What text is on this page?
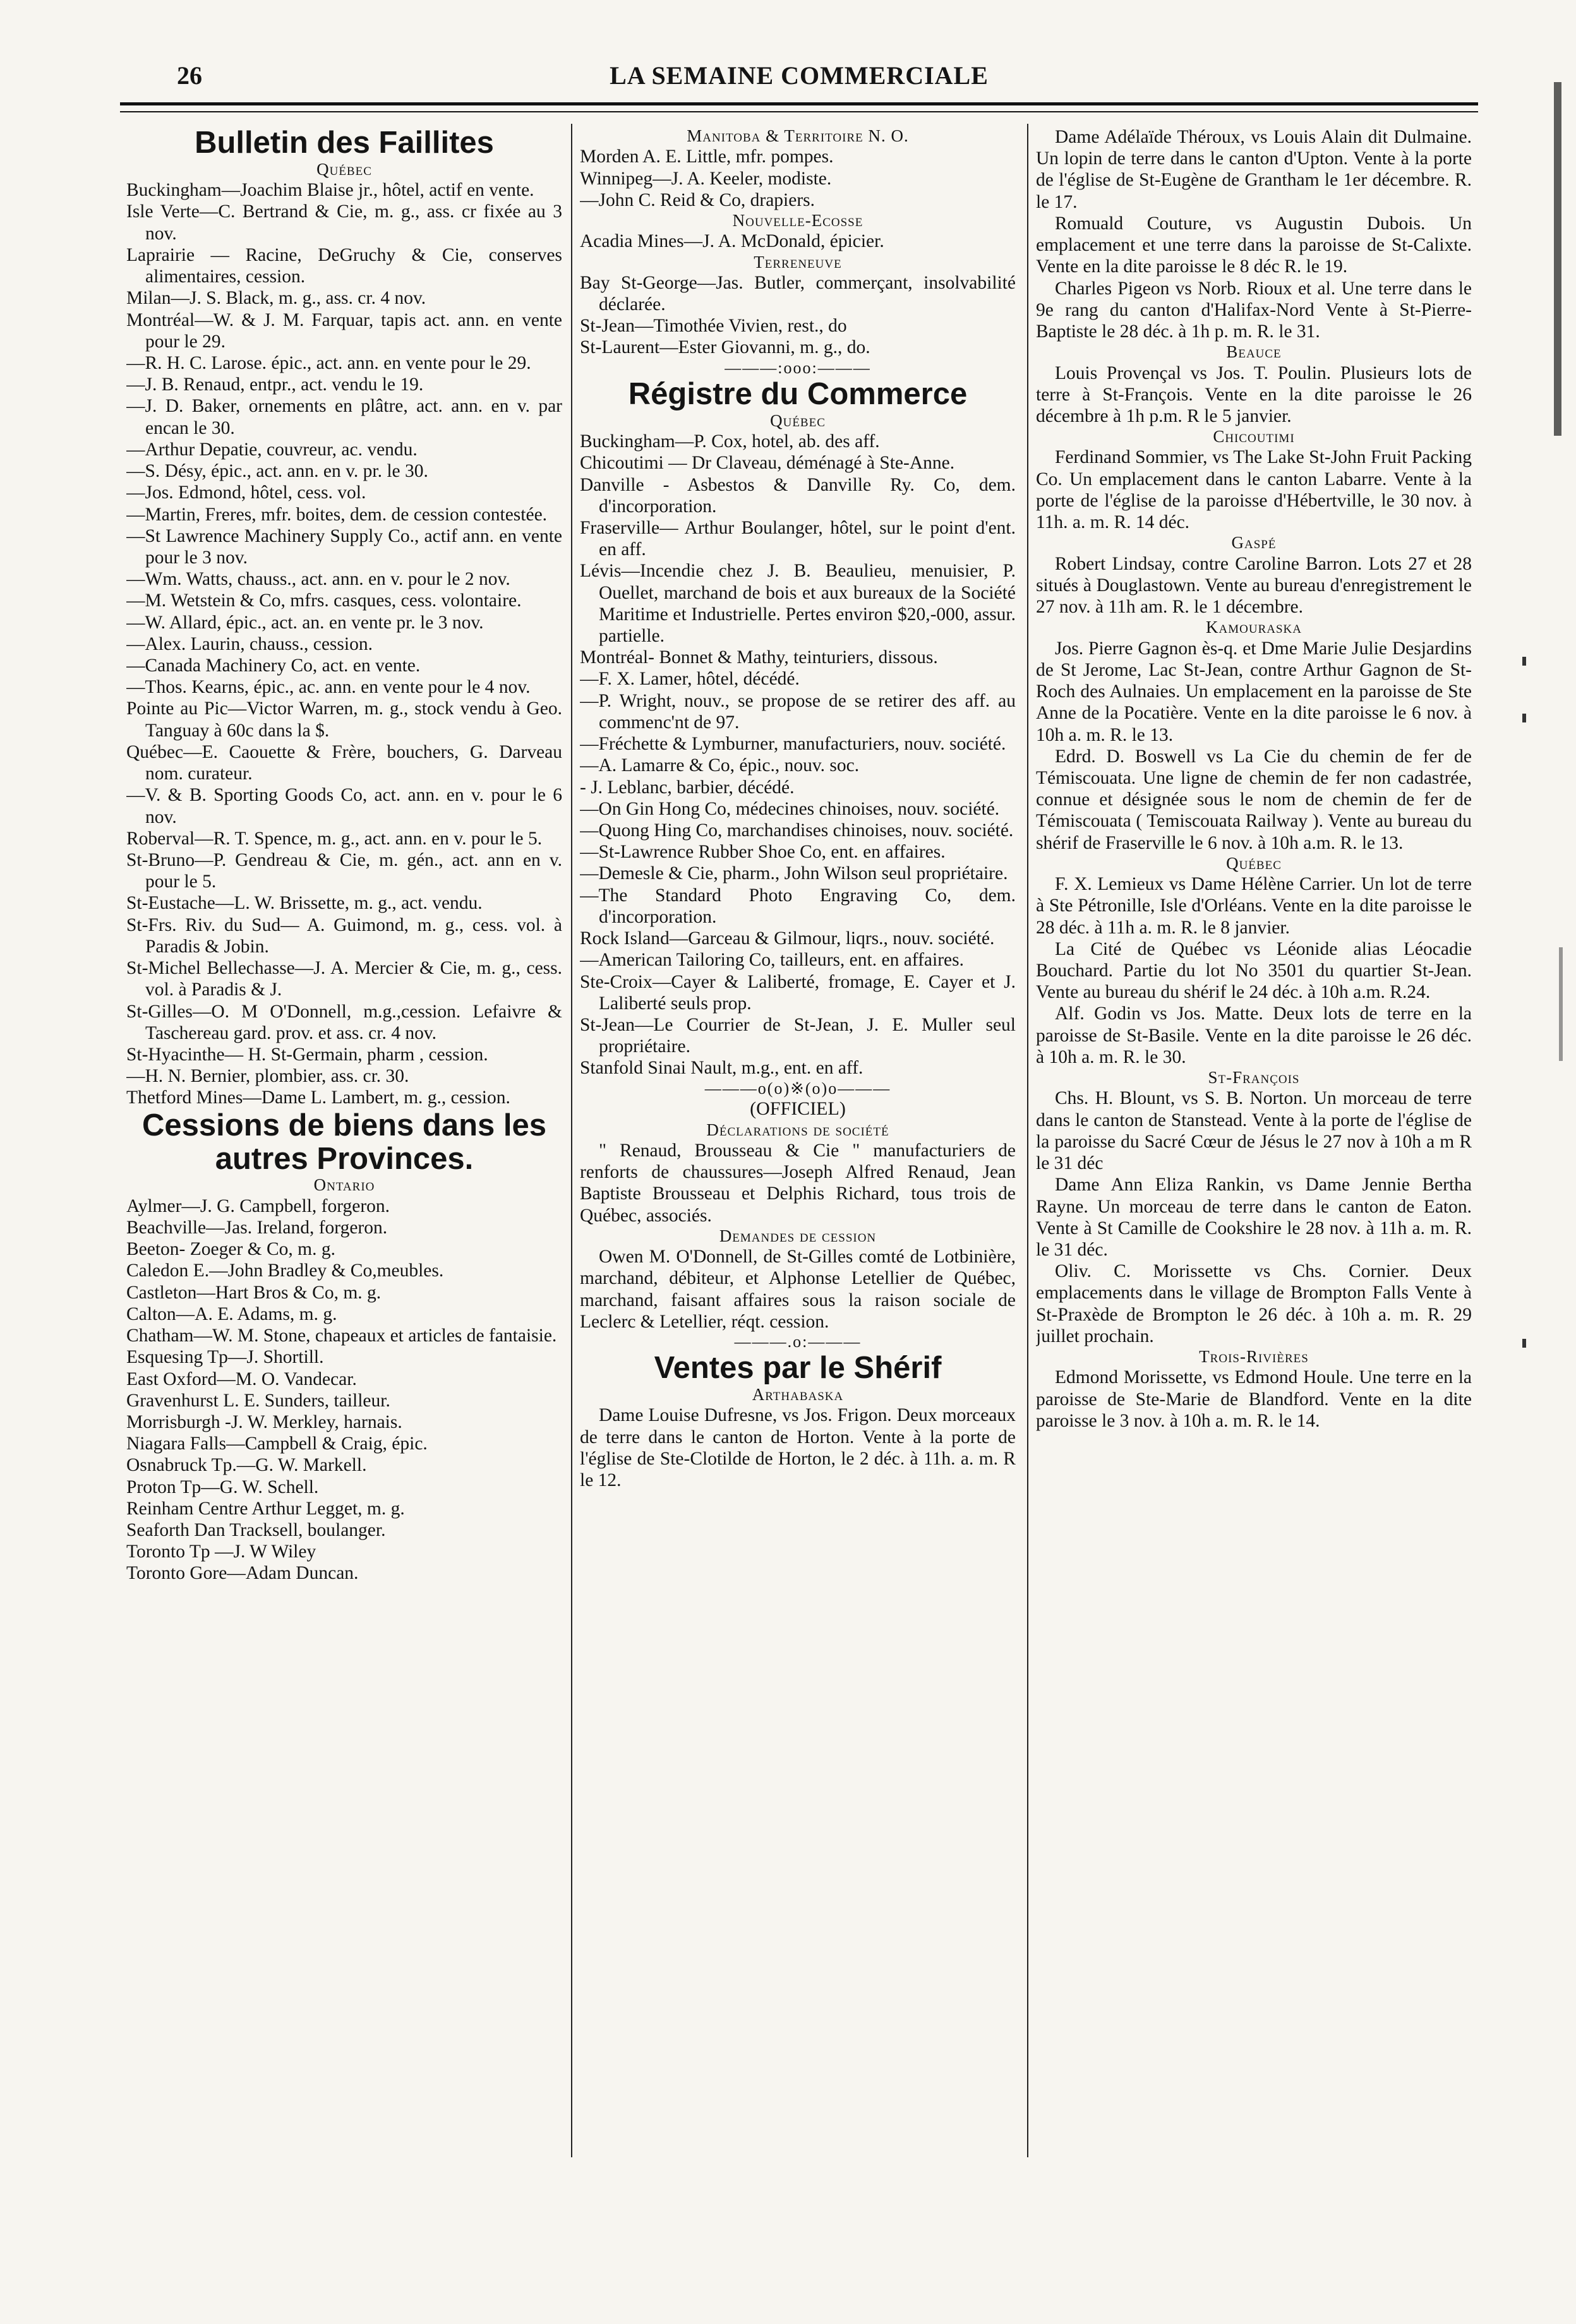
26	LA SEMAINE COMMERCIALE

Bulletin des Faillites

Québec

Buckingham—Joachim Blaise jr., hôtel, actif en vente.

Isle Verte—C. Bertrand & Cie, m. g., ass. cr fixée au 3 nov.

Laprairie — Racine, DeGruchy & Cie, conserves alimentaires, cession.

Milan—J. S. Black, m. g., ass. cr. 4 nov.

Montréal—W. & J. M. Farquar, tapis act. ann. en vente pour le 29.

—R. H. C. Larose. épic., act. ann. en vente pour le 29.

—J. B. Renaud, entpr., act. vendu le 19.

—J. D. Baker, ornements en plâtre, act. ann. en v. par encan le 30.

—Arthur Depatie, couvreur, ac. vendu.

—S. Désy, épic., act. ann. en v. pr. le 30.

—Jos. Edmond, hôtel, cess. vol.

—Martin, Freres, mfr. boites, dem. de cession contestée.

—St Lawrence Machinery Supply Co., actif ann. en vente pour le 3 nov.

—Wm. Watts, chauss., act. ann. en v. pour le 2 nov.

—M. Wetstein & Co, mfrs. casques, cess. volontaire.

—W. Allard, épic., act. an. en vente pr. le 3 nov.

—Alex. Laurin, chauss., cession.

—Canada Machinery Co, act. en vente.

—Thos. Kearns, épic., ac. ann. en vente pour le 4 nov.

Pointe au Pic—Victor Warren, m. g., stock vendu à Geo. Tanguay à 60c dans la $.

Québec—E. Caouette & Frère, bouchers, G. Darveau nom. curateur.

—V. & B. Sporting Goods Co, act. ann. en v. pour le 6 nov.

Roberval—R. T. Spence, m. g., act. ann. en v. pour le 5.

St-Bruno—P. Gendreau & Cie, m. gén., act. ann en v. pour le 5.

St-Eustache—L. W. Brissette, m. g., act. vendu.

St-Frs. Riv. du Sud— A. Guimond, m. g., cess. vol. à Paradis & Jobin.

St-Michel Bellechasse—J. A. Mercier & Cie, m. g., cess. vol. à Paradis & J.

St-Gilles—O. M O'Donnell, m.g.,cession. Lefaivre & Taschereau gard. prov. et ass. cr. 4 nov.

St-Hyacinthe— H. St-Germain, pharm , cession.

—H. N. Bernier, plombier, ass. cr. 30.

Thetford Mines—Dame L. Lambert, m. g., cession.

Cessions de biens dans les autres Provinces.

Ontario

Aylmer—J. G. Campbell, forgeron.

Beachville—Jas. Ireland, forgeron.

Beeton- Zoeger & Co, m. g.

Caledon E.—John Bradley & Co,meubles.

Castleton—Hart Bros & Co, m. g.

Calton—A. E. Adams, m. g.

Chatham—W. M. Stone, chapeaux et articles de fantaisie.

Esquesing Tp—J. Shortill.

East Oxford—M. O. Vandecar.

Gravenhurst L. E. Sunders, tailleur.

Morrisburgh -J. W. Merkley, harnais.

Niagara Falls—Campbell & Craig, épic.

Osnabruck Tp.—G. W. Markell.

Proton Tp—G. W. Schell.

Reinham Centre Arthur Legget, m. g.

Seaforth Dan Tracksell, boulanger.

Toronto Tp —J. W Wiley

Toronto Gore—Adam Duncan.

Manitoba & Territoire N. O.

Morden A. E. Little, mfr. pompes.

Winnipeg—J. A. Keeler, modiste.

—John C. Reid & Co, drapiers.

Nouvelle-Ecosse

Acadia Mines—J. A. McDonald, épicier.

Terreneuve

Bay St-George—Jas. Butler, commerçant, insolvabilité déclarée.

St-Jean—Timothée Vivien, rest., do

St-Laurent—Ester Giovanni, m. g., do.

———:ooo:———

Régistre du Commerce

Québec

Buckingham—P. Cox, hotel, ab. des aff.

Chicoutimi — Dr Claveau, déménagé à Ste-Anne.

Danville - Asbestos & Danville Ry. Co, dem. d'incorporation.

Fraserville— Arthur Boulanger, hôtel, sur le point d'ent. en aff.

Lévis—Incendie chez J. B. Beaulieu, menuisier, P. Ouellet, marchand de bois et aux bureaux de la Société Maritime et Industrielle. Pertes environ $20,-000, assur. partielle.

Montréal- Bonnet & Mathy, teinturiers, dissous.

—F. X. Lamer, hôtel, décédé.

—P. Wright, nouv., se propose de se retirer des aff. au commenc'nt de 97.

—Fréchette & Lymburner, manufacturiers, nouv. société.

—A. Lamarre & Co, épic., nouv. soc.

- J. Leblanc, barbier, décédé.

—On Gin Hong Co, médecines chinoises, nouv. société.

—Quong Hing Co, marchandises chinoises, nouv. société.

—St-Lawrence Rubber Shoe Co, ent. en affaires.

—Demesle & Cie, pharm., John Wilson seul propriétaire.

—The Standard Photo Engraving Co, dem. d'incorporation.

Rock Island—Garceau & Gilmour, liqrs., nouv. société.

—American Tailoring Co, tailleurs, ent. en affaires.

Ste-Croix—Cayer & Laliberté, fromage, E. Cayer et J. Laliberté seuls prop.

St-Jean—Le Courrier de St-Jean, J. E. Muller seul propriétaire.

Stanfold Sinai Nault, m.g., ent. en aff.

———o(o)※(o)o———

(OFFICIEL)

Déclarations de société

" Renaud, Brousseau & Cie " manufacturiers de renforts de chaussures—Joseph Alfred Renaud, Jean Baptiste Brousseau et Delphis Richard, tous trois de Québec, associés.

Demandes de cession

Owen M. O'Donnell, de St-Gilles comté de Lotbinière, marchand, débiteur, et Alphonse Letellier de Québec, marchand, faisant affaires sous la raison sociale de Leclerc & Letellier, réqt. cession.

———.o:———

Ventes par le Shérif

Arthabaska

Dame Louise Dufresne, vs Jos. Frigon. Deux morceaux de terre dans le canton de Horton. Vente à la porte de l'église de Ste-Clotilde de Horton, le 2 déc. à 11h. a. m. R le 12.

Dame Adélaïde Théroux, vs Louis Alain dit Dulmaine. Un lopin de terre dans le canton d'Upton. Vente à la porte de l'église de St-Eugène de Grantham le 1er décembre. R. le 17.

Romuald Couture, vs Augustin Dubois. Un emplacement et une terre dans la paroisse de St-Calixte. Vente en la dite paroisse le 8 déc R. le 19.

Charles Pigeon vs Norb. Rioux et al. Une terre dans le 9e rang du canton d'Halifax-Nord Vente à St-Pierre-Baptiste le 28 déc. à 1h p. m. R. le 31.

Beauce

Louis Provençal vs Jos. T. Poulin. Plusieurs lots de terre à St-François. Vente en la dite paroisse le 26 décembre à 1h p.m. R le 5 janvier.

Chicoutimi

Ferdinand Sommier, vs The Lake St-John Fruit Packing Co. Un emplacement dans le canton Labarre. Vente à la porte de l'église de la paroisse d'Hébertville, le 30 nov. à 11h. a. m. R. 14 déc.

Gaspé

Robert Lindsay, contre Caroline Barron. Lots 27 et 28 situés à Douglastown. Vente au bureau d'enregistrement le 27 nov. à 11h am. R. le 1 décembre.

Kamouraska

Jos. Pierre Gagnon ès-q. et Dme Marie Julie Desjardins de St Jerome, Lac St-Jean, contre Arthur Gagnon de St-Roch des Aulnaies. Un emplacement en la paroisse de Ste Anne de la Pocatière. Vente en la dite paroisse le 6 nov. à 10h a. m. R. le 13.

Edrd. D. Boswell vs La Cie du chemin de fer de Témiscouata. Une ligne de chemin de fer non cadastrée, connue et désignée sous le nom de chemin de fer de Témiscouata ( Temiscouata Railway ). Vente au bureau du shérif de Fraserville le 6 nov. à 10h a.m. R. le 13.

Québec

F. X. Lemieux vs Dame Hélène Carrier. Un lot de terre à Ste Pétronille, Isle d'Orléans. Vente en la dite paroisse le 28 déc. à 11h a. m. R. le 8 janvier.

La Cité de Québec vs Léonide alias Léocadie Bouchard. Partie du lot No 3501 du quartier St-Jean. Vente au bureau du shérif le 24 déc. à 10h a.m. R.24.

Alf. Godin vs Jos. Matte. Deux lots de terre en la paroisse de St-Basile. Vente en la dite paroisse le 26 déc. à 10h a. m. R. le 30.

St-François

Chs. H. Blount, vs S. B. Norton. Un morceau de terre dans le canton de Stanstead. Vente à la porte de l'église de la paroisse du Sacré Cœur de Jésus le 27 nov à 10h a m R le 31 déc

Dame Ann Eliza Rankin, vs Dame Jennie Bertha Rayne. Un morceau de terre dans le canton de Eaton. Vente à St Camille de Cookshire le 28 nov. à 11h a. m. R. le 31 déc.

Oliv. C. Morissette vs Chs. Cornier. Deux emplacements dans le village de Brompton Falls Vente à St-Praxède de Brompton le 26 déc. à 10h a. m. R. 29 juillet prochain.

Trois-Rivières

Edmond Morissette, vs Edmond Houle. Une terre en la paroisse de Ste-Marie de Blandford. Vente en la dite paroisse le 3 nov. à 10h a. m. R. le 14.
